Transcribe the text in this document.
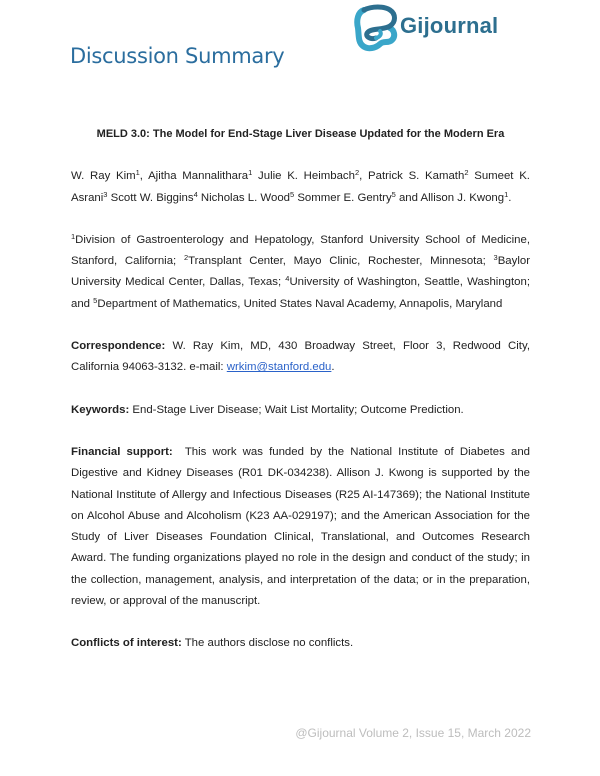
Gijournal
Discussion Summary

MELD 3.0: The Model for End-Stage Liver Disease Updated for the Modern Era

W. Ray Kim$^1$, Ajitha Mannalithara$^1$ Julie K. Heimbach$^2$, Patrick S. Kamath$^2$ Sumeet K. Asrani$^3$ Scott W. Biggins$^4$ Nicholas L. Wood$^5$ Sommer E. Gentry$^5$ and Allison J. Kwong$^1$.

$^1$Division of Gastroenterology and Hepatology, Stanford University School of Medicine, Stanford, California; $^2$Transplant Center, Mayo Clinic, Rochester, Minnesota; $^3$Baylor University Medical Center, Dallas, Texas; $^4$University of Washington, Seattle, Washington; and $^5$Department of Mathematics, United States Naval Academy, Annapolis, Maryland

Correspondence: W. Ray Kim, MD, 430 Broadway Street, Floor 3, Redwood City, California 94063-3132. e-mail: wrkim@stanford.edu.

Keywords: End-Stage Liver Disease; Wait List Mortality; Outcome Prediction.

Financial support:  This work was funded by the National Institute of Diabetes and Digestive and Kidney Diseases (R01 DK-034238). Allison J. Kwong is supported by the National Institute of Allergy and Infectious Diseases (R25 AI-147369); the National Institute on Alcohol Abuse and Alcoholism (K23 AA-029197); and the American Association for the Study of Liver Diseases Foundation Clinical, Translational, and Outcomes Research Award. The funding organizations played no role in the design and conduct of the study; in the collection, management, analysis, and interpretation of the data; or in the preparation, review, or approval of the manuscript.

Conflicts of interest: The authors disclose no conflicts.

@Gijournal Volume 2, Issue 15, March 2022
